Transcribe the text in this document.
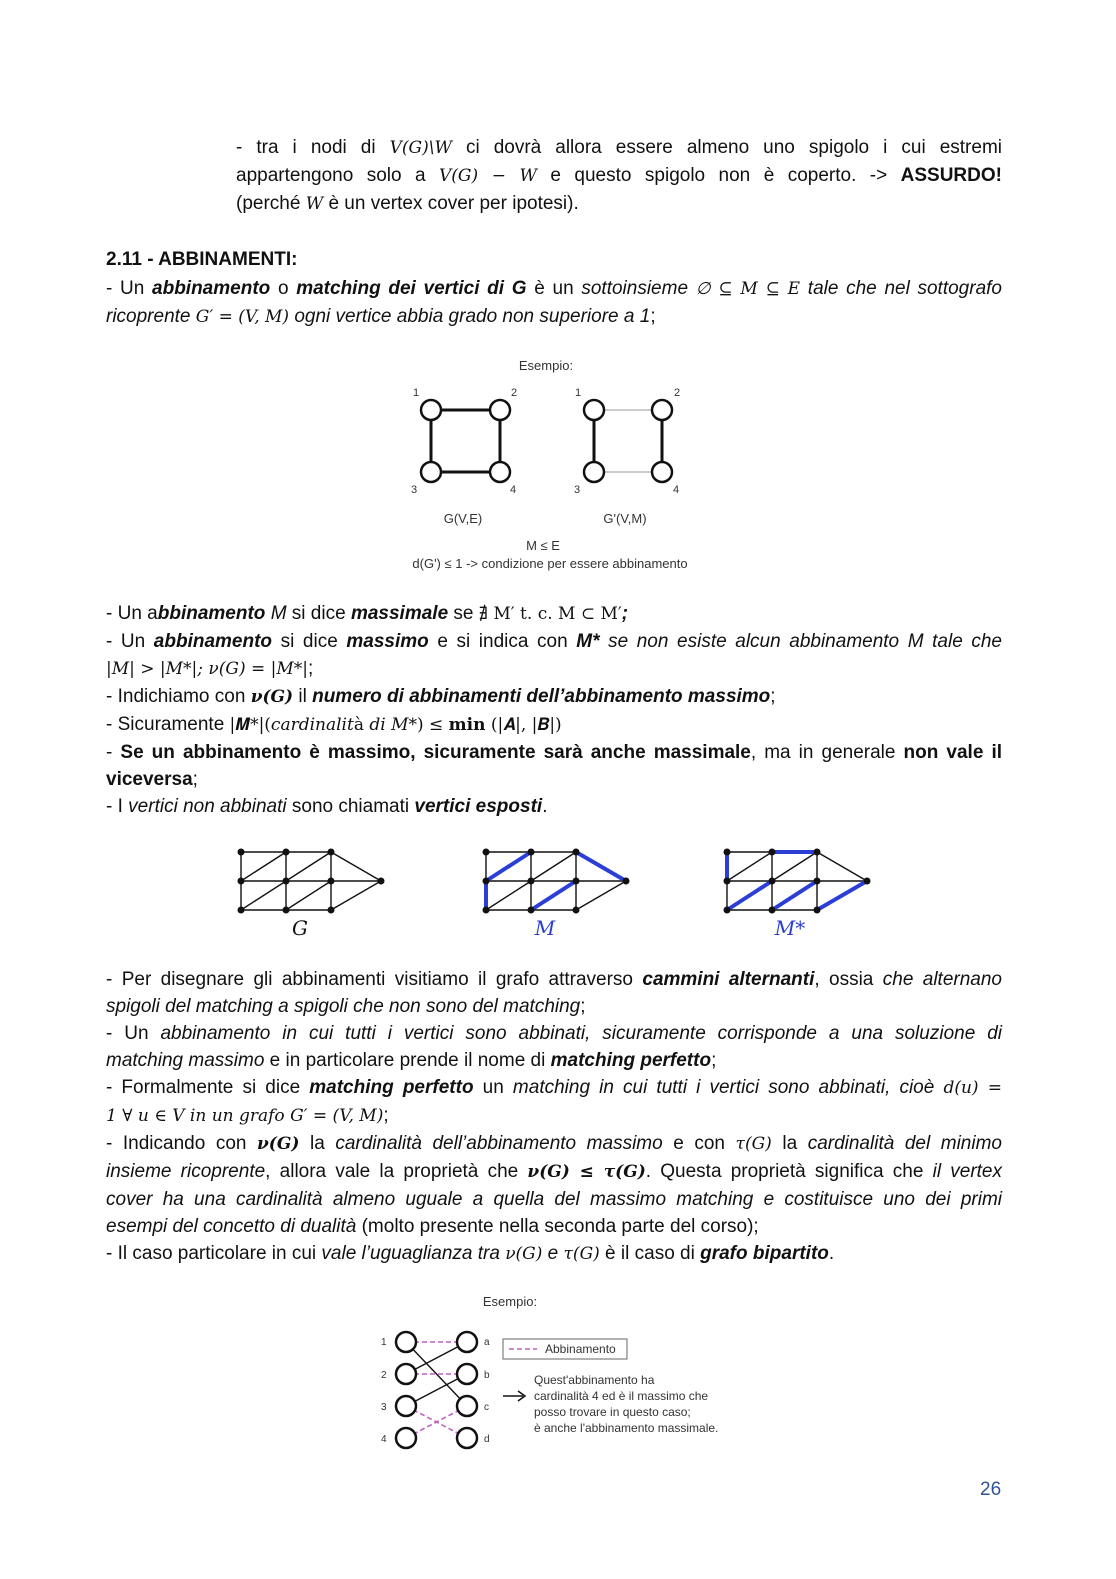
- tra i nodi di V(G)\W ci dovrà allora essere almeno uno spigolo i cui estremi
appartengono solo a V(G) − W e questo spigolo non è coperto. -> ASSURDO!
(perché W è un vertex cover per ipotesi).
2.11 - ABBINAMENTI:
- Un abbinamento o matching dei vertici di G è un sottoinsieme ∅ ⊆ M ⊆ E tale che nel sottografo
ricoprente G′ = (V, M) ogni vertice abbia grado non superiore a 1;
Esempio:
1	2
3	4
G(V,E)
1	2
3	4
G'(V,M)
M ≤ E
d(G') ≤ 1 -> condizione per essere abbinamento
- Un abbinamento M si dice massimale se ∄ M′ t. c. M ⊂ M′;
- Un abbinamento si dice massimo e si indica con M* se non esiste alcun abbinamento M tale che
|M| > |M*|; ν(G) = |M*|;
- Indichiamo con 𝝂(𝑮) il numero di abbinamenti dell’abbinamento massimo;
- Sicuramente |𝑴*|(𝑐𝑎𝑟𝑑𝑖𝑛𝑎𝑙𝑖𝑡à 𝑑𝑖 𝑀*) ≤ min (|𝑨|, |𝑩|)
- Se un abbinamento è massimo, sicuramente sarà anche massimale, ma in generale non vale il
viceversa;
- I vertici non abbinati sono chiamati vertici esposti.
G	M	M*
- Per disegnare gli abbinamenti visitiamo il grafo attraverso cammini alternanti, ossia che alternano
spigoli del matching a spigoli che non sono del matching;
- Un abbinamento in cui tutti i vertici sono abbinati, sicuramente corrisponde a una soluzione di
matching massimo e in particolare prende il nome di matching perfetto;
- Formalmente si dice matching perfetto un matching in cui tutti i vertici sono abbinati, cioè d(u) =
1 ∀ u ∈ V in un grafo G′ = (V, M);
- Indicando con 𝝂(𝑮) la cardinalità dell’abbinamento massimo e con τ(G) la cardinalità del minimo
insieme ricoprente, allora vale la proprietà che 𝝂(𝑮) ≤ 𝝉(𝑮). Questa proprietà significa che il vertex
cover ha una cardinalità almeno uguale a quella del massimo matching e costituisce uno dei primi
esempi del concetto di dualità (molto presente nella seconda parte del corso);
- Il caso particolare in cui vale l’uguaglianza tra ν(G) e τ(G) è il caso di grafo bipartito.
Esempio:
1
2
3
4
a
b
c
d
Abbinamento
Quest'abbinamento ha
cardinalità 4 ed è il massimo che
posso trovare in questo caso;
è anche l'abbinamento massimale.
26
